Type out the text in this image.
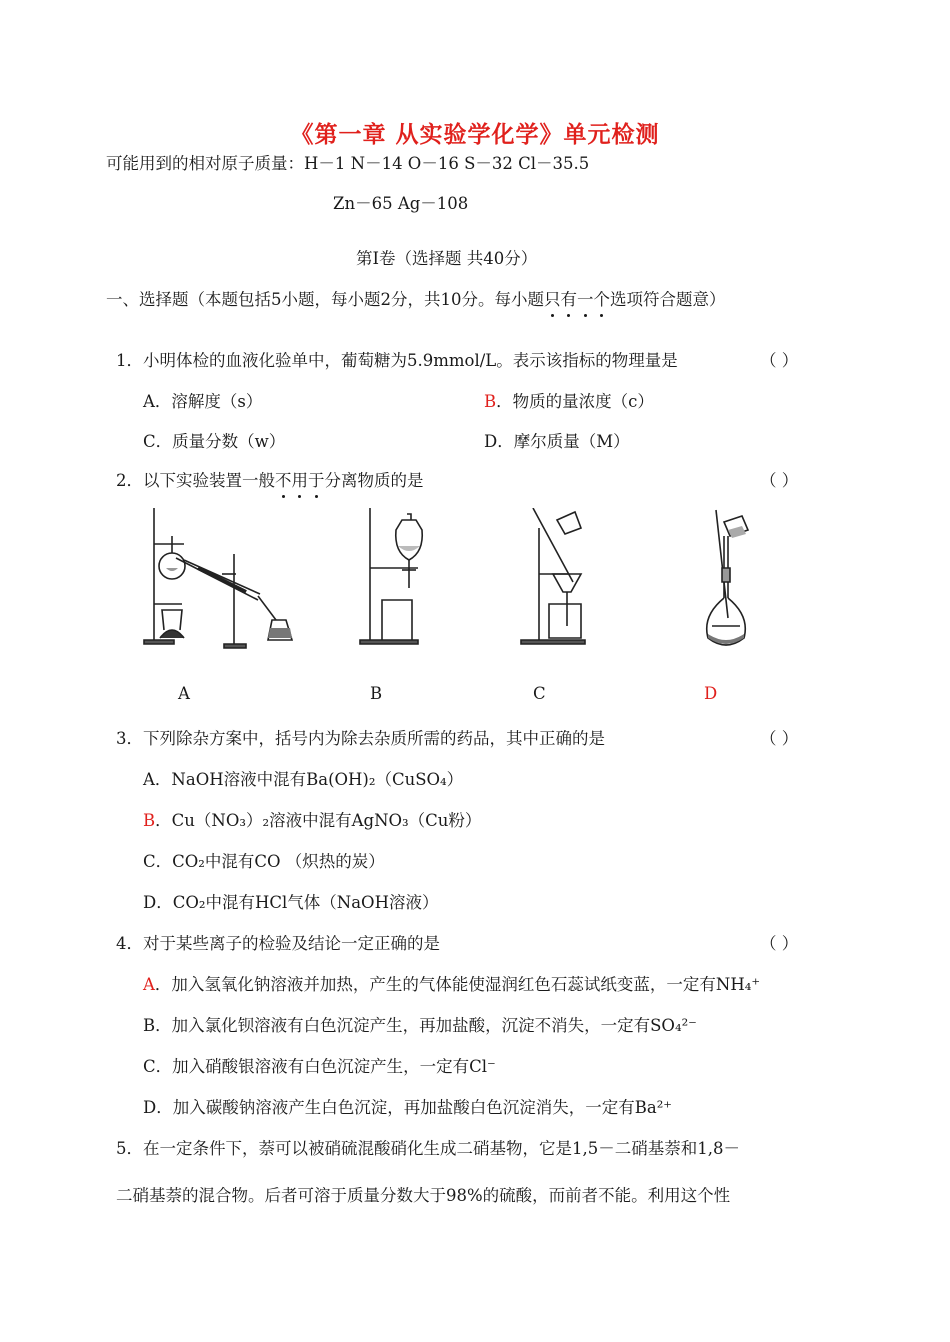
《第一章 从实验学化学》单元检测
可能用到的相对原子质量：H－1 N－14 O－16 S－32 Cl－35.5
Zn－65 Ag－108
第Ⅰ卷（选择题 共40分）
一、选择题（本题包括5小题，每小题2分，共10分。每小题只有一个选项符合题意）
1．小明体检的血液化验单中，葡萄糖为5.9mmol/L。表示该指标的物理量是	（ ）
A．溶解度（s）	B．物质的量浓度（c）
C．质量分数（w）	D．摩尔质量（M）
2．以下实验装置一般不用于分离物质的是	（ ）
A	B	C	D
3．下列除杂方案中，括号内为除去杂质所需的药品，其中正确的是	（ ）
A．NaOH溶液中混有Ba(OH)₂（CuSO₄）
B．Cu（NO₃）₂溶液中混有AgNO₃（Cu粉）
C．CO₂中混有CO （炽热的炭）
D．CO₂中混有HCl气体（NaOH溶液）
4．对于某些离子的检验及结论一定正确的是	（ ）
A．加入氢氧化钠溶液并加热，产生的气体能使湿润红色石蕊试纸变蓝，一定有NH₄⁺
B．加入氯化钡溶液有白色沉淀产生，再加盐酸，沉淀不消失，一定有SO₄²⁻
C．加入硝酸银溶液有白色沉淀产生，一定有Cl⁻
D．加入碳酸钠溶液产生白色沉淀，再加盐酸白色沉淀消失，一定有Ba²⁺
5．在一定条件下，萘可以被硝硫混酸硝化生成二硝基物，它是1,5－二硝基萘和1,8－
二硝基萘的混合物。后者可溶于质量分数大于98%的硫酸，而前者不能。利用这个性
